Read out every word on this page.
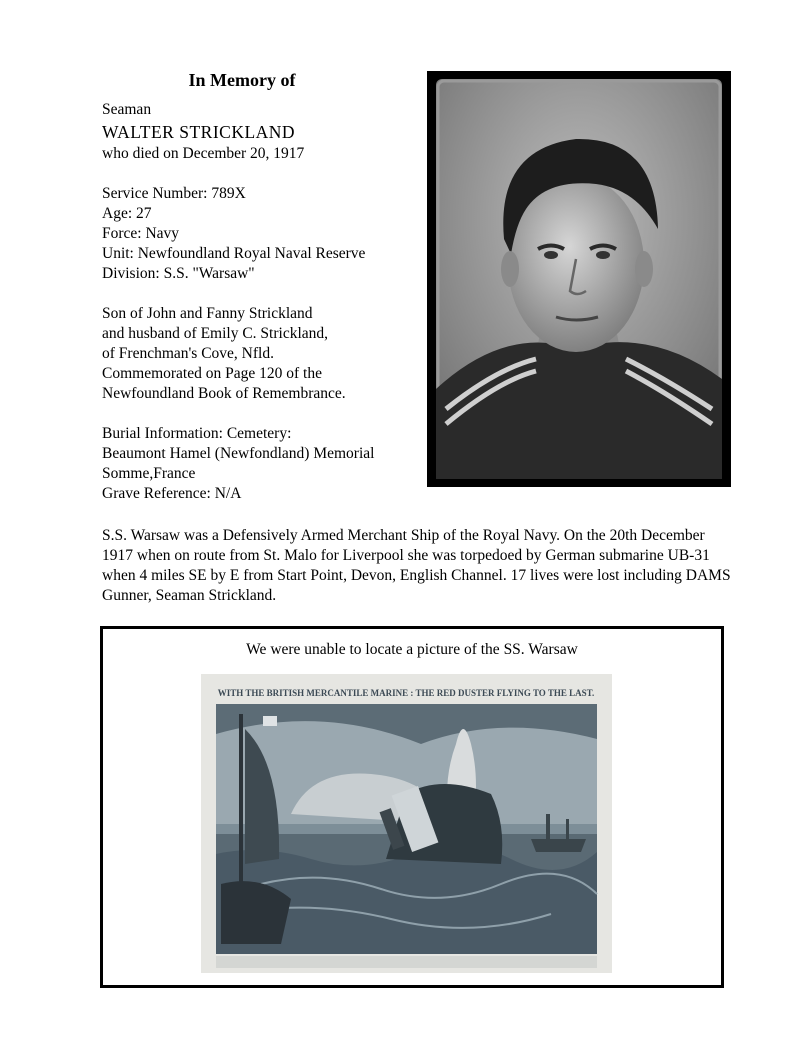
In Memory of
Seaman
WALTER STRICKLAND
who died on December 20, 1917
Service Number: 789X
Age: 27
Force: Navy
Unit: Newfoundland Royal Naval Reserve
Division: S.S. "Warsaw"
Son of John and Fanny Strickland
and husband of Emily C. Strickland,
of Frenchman's Cove, Nfld.
Commemorated on Page 120 of the
Newfoundland Book of Remembrance.
Burial Information: Cemetery:
Beaumont Hamel (Newfondland) Memorial
Somme,France
Grave Reference: N/A
S.S. Warsaw was a Defensively Armed Merchant Ship of the Royal Navy. On the 20th December 1917 when on route from St. Malo for Liverpool she was torpedoed by German submarine UB-31 when 4 miles SE by E from Start Point, Devon, English Channel. 17 lives were lost including DAMS Gunner, Seaman Strickland.
We were unable to locate a picture of the SS. Warsaw
WITH THE BRITISH MERCANTILE MARINE : THE RED DUSTER FLYING TO THE LAST.
